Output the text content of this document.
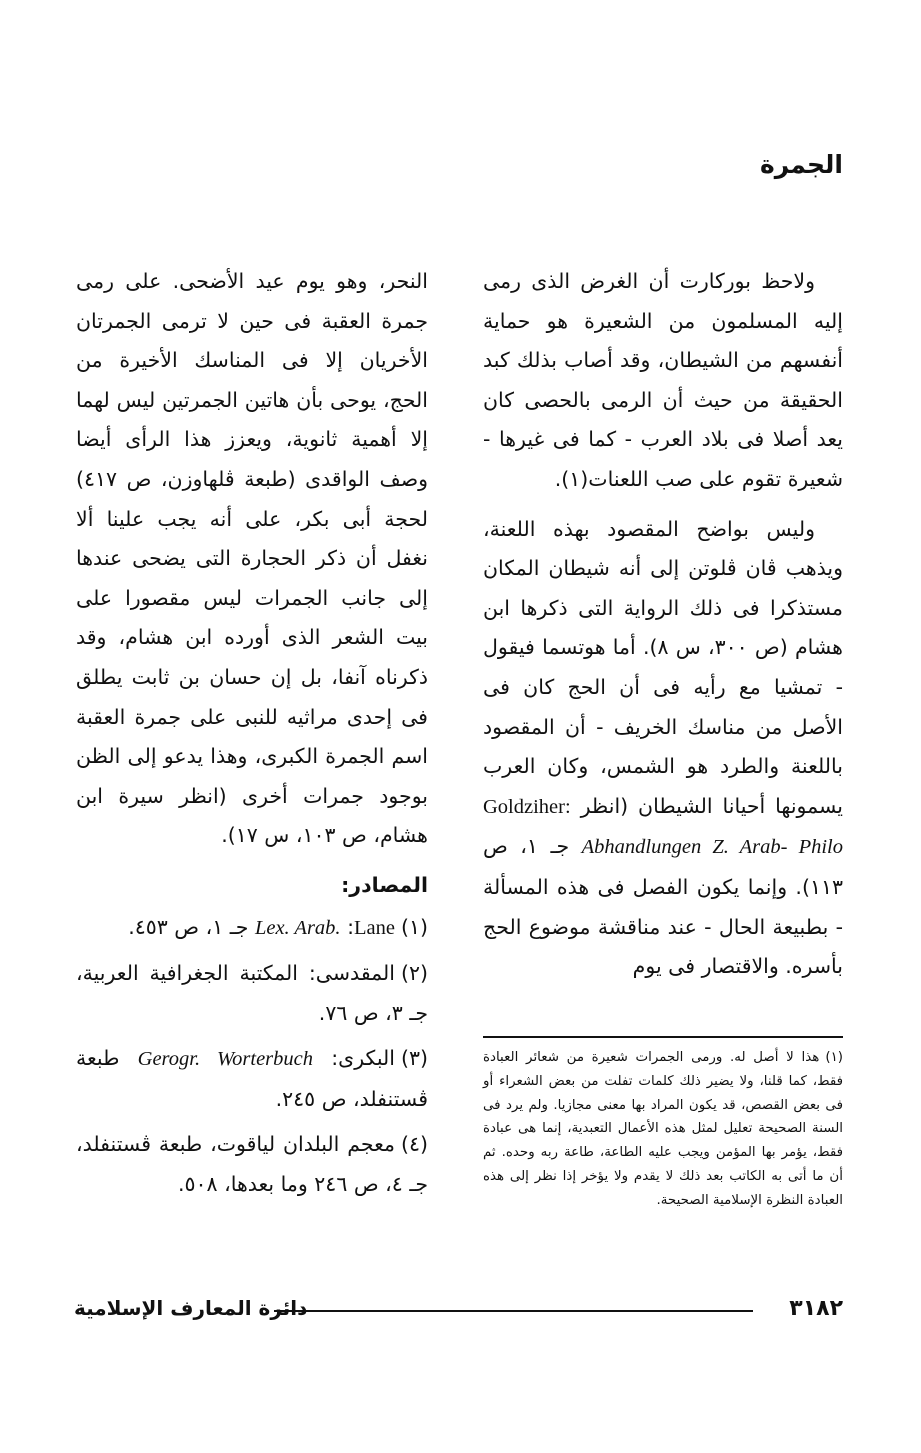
الجمرة

ولاحظ بوركارت أن الغرض الذى رمى إليه المسلمون من الشعيرة هو حماية أنفسهم من الشيطان، وقد أصاب بذلك كبد الحقيقة من حيث أن الرمى بالحصى كان يعد أصلا فى بلاد العرب - كما فى غيرها - شعيرة تقوم على صب اللعنات(١).

وليس بواضح المقصود بهذه اللعنة، ويذهب ڤان ڤلوتن إلى أنه شيطان المكان مستذكرا فى ذلك الرواية التى ذكرها ابن هشام (ص ٣٠٠، س ٨). أما هوتسما فيقول - تمشيا مع رأيه فى أن الحج كان فى الأصل من مناسك الخريف - أن المقصود باللعنة والطرد هو الشمس، وكان العرب يسمونها أحيانا الشيطان (انظر Goldziher: Abhandlungen Z. Arab- Philo جـ ١، ص ١١٣). وإنما يكون الفصل فى هذه المسألة - بطبيعة الحال - عند مناقشة موضوع الحج بأسره. والاقتصار فى يوم

النحر، وهو يوم عيد الأضحى. على رمى جمرة العقبة فى حين لا ترمى الجمرتان الأخريان إلا فى المناسك الأخيرة من الحج، يوحى بأن هاتين الجمرتين ليس لهما إلا أهمية ثانوية، ويعزز هذا الرأى أيضا وصف الواقدى (طبعة ڤلهاوزن، ص ٤١٧) لحجة أبى بكر، على أنه يجب علينا ألا نغفل أن ذكر الحجارة التى يضحى عندها إلى جانب الجمرات ليس مقصورا على بيت الشعر الذى أورده ابن هشام، وقد ذكرناه آنفا، بل إن حسان بن ثابت يطلق فى إحدى مراثيه للنبى على جمرة العقبة اسم الجمرة الكبرى، وهذا يدعو إلى الظن بوجود جمرات أخرى (انظر سيرة ابن هشام، ص ١٠٣، س ١٧).

المصادر:
(١)Lane: Lex. Arab. جـ ١، ص ٤٥٣.
(٢)المقدسى: المكتبة الجغرافية العربية، جـ ٣، ص ٧٦.
(٣)البكرى: Gerogr. Worterbuch طبعة ڤستنفلد، ص ٢٤٥.
(٤)معجم البلدان لياقوت، طبعة ڤستنفلد، جـ ٤، ص ٢٤٦ وما بعدها، ٥٠٨.
(١)هذا لا أصل له. ورمى الجمرات شعيرة من شعائر العبادة فقط، كما قلنا، ولا يضير ذلك كلمات تفلت من بعض الشعراء أو فى بعض القصص، قد يكون المراد بها معنى مجازيا. ولم يرد فى السنة الصحيحة تعليل لمثل هذه الأعمال التعبدية، إنما هى عبادة فقط، يؤمر بها المؤمن ويجب عليه الطاعة، طاعة ربه وحده. ثم أن ما أتى به الكاتب بعد ذلك لا يقدم ولا يؤخر إذا نظر إلى هذه العبادة النظرة الإسلامية الصحيحة.
٣١٨٢
دائرة المعارف الإسلامية
